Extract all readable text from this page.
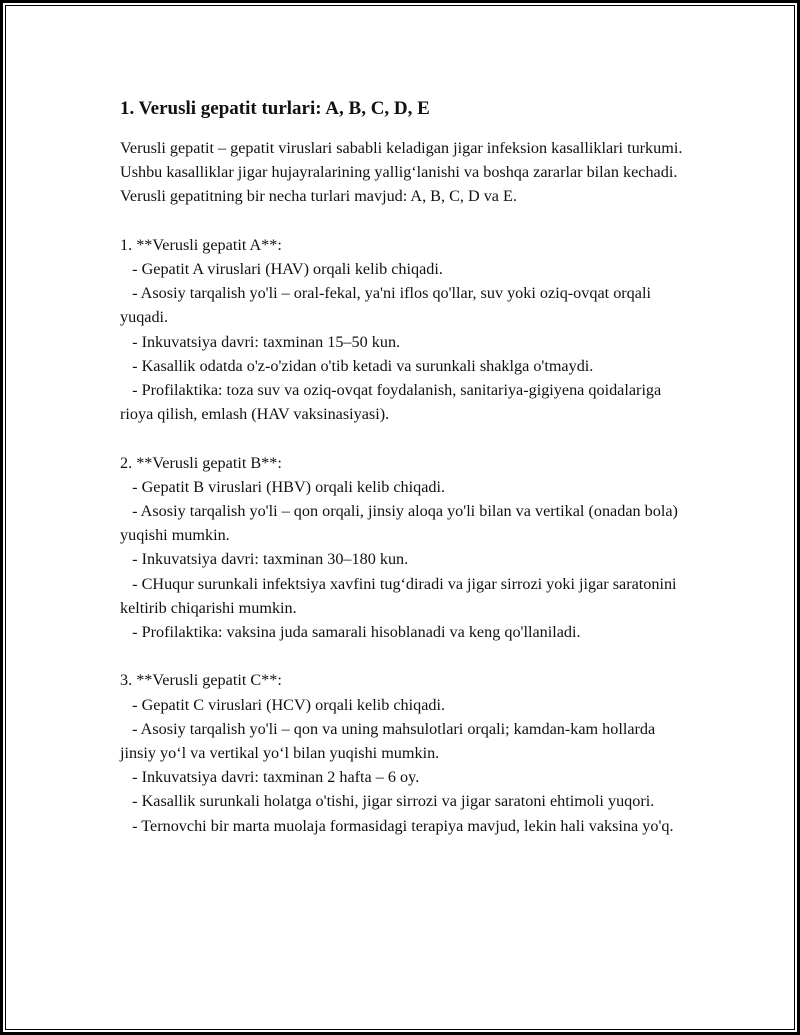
1. Verusli gepatit turlari: A, B, C, D, E

Verusli gepatit – gepatit viruslari sababli keladigan jigar infeksion kasalliklari turkumi. Ushbu kasalliklar jigar hujayralarining yallig‘lanishi va boshqa zararlar bilan kechadi. Verusli gepatitning bir necha turlari mavjud: A, B, C, D va E.

1. **Verusli gepatit A**:
- Gepatit A viruslari (HAV) orqali kelib chiqadi.
- Asosiy tarqalish yo'li – oral-fekal, ya'ni iflos qo'llar, suv yoki oziq-ovqat orqali yuqadi.
- Inkuvatsiya davri: taxminan 15–50 kun.
- Kasallik odatda o'z-o'zidan o'tib ketadi va surunkali shaklga o'tmaydi.
- Profilaktika: toza suv va oziq-ovqat foydalanish, sanitariya-gigiyena qoidalariga rioya qilish, emlash (HAV vaksinasiyasi).
2. **Verusli gepatit B**:
- Gepatit B viruslari (HBV) orqali kelib chiqadi.
- Asosiy tarqalish yo'li – qon orqali, jinsiy aloqa yo'li bilan va vertikal (onadan bola) yuqishi mumkin.
- Inkuvatsiya davri: taxminan 30–180 kun.
- CHuqur surunkali infektsiya xavfini tug‘diradi va jigar sirrozi yoki jigar saratonini keltirib chiqarishi mumkin.
- Profilaktika: vaksina juda samarali hisoblanadi va keng qo'llaniladi.
3. **Verusli gepatit C**:
- Gepatit C viruslari (HCV) orqali kelib chiqadi.
- Asosiy tarqalish yo'li – qon va uning mahsulotlari orqali; kamdan-kam hollarda jinsiy yo‘l va vertikal yo‘l bilan yuqishi mumkin.
- Inkuvatsiya davri: taxminan 2 hafta – 6 oy.
- Kasallik surunkali holatga o'tishi, jigar sirrozi va jigar saratoni ehtimoli yuqori.
- Ternovchi bir marta muolaja formasidagi terapiya mavjud, lekin hali vaksina yo'q.
